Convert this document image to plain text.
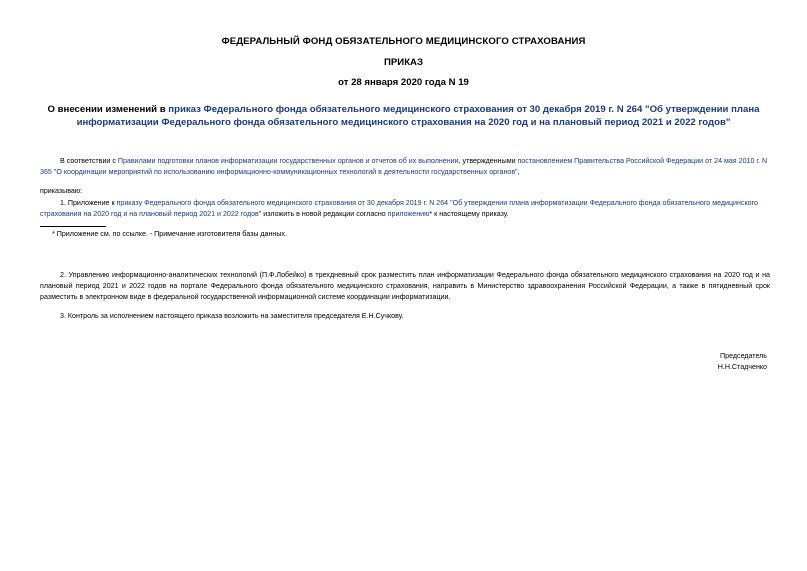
ФЕДЕРАЛЬНЫЙ ФОНД ОБЯЗАТЕЛЬНОГО МЕДИЦИНСКОГО СТРАХОВАНИЯ
ПРИКАЗ
от 28 января 2020 года N 19
О внесении изменений в приказ Федерального фонда обязательного медицинского страхования от 30 декабря 2019 г. N 264 "Об утверждении плана информатизации Федерального фонда обязательного медицинского страхования на 2020 год и на плановый период 2021 и 2022 годов"
В соответствии с Правилами подготовки планов информатизации государственных органов и отчетов об их выполнении, утвержденными постановлением Правительства Российской Федерации от 24 мая 2010 г. N 365 "О координации мероприятий по использованию информационно-коммуникационных технологий в деятельности государственных органов",
приказываю:
1. Приложение к приказу Федерального фонда обязательного медицинского страхования от 30 декабря 2019 г. N 264 "Об утверждении плана информатизации Федерального фонда обязательного медицинского страхования на 2020 год и на плановый период 2021 и 2022 годов" изложить в новой редакции согласно приложению* к настоящему приказу.
* Приложение см. по ссылке. - Примечание изготовителя базы данных.
2. Управлению информационно-аналитических технологий (П.Ф.Лобейко) в трехдневный срок разместить план информатизации Федерального фонда обязательного медицинского страхования на 2020 год и на плановый период 2021 и 2022 годов на портале Федерального фонда обязательного медицинского страхования, направить в Министерство здравоохранения Российской Федерации, а также в пятидневный срок разместить в электронном виде в федеральной государственной информационной системе координации информатизации.
3. Контроль за исполнением настоящего приказа возложить на заместителя председателя Е.Н.Сучкову.
Председатель
Н.Н.Стадченко
